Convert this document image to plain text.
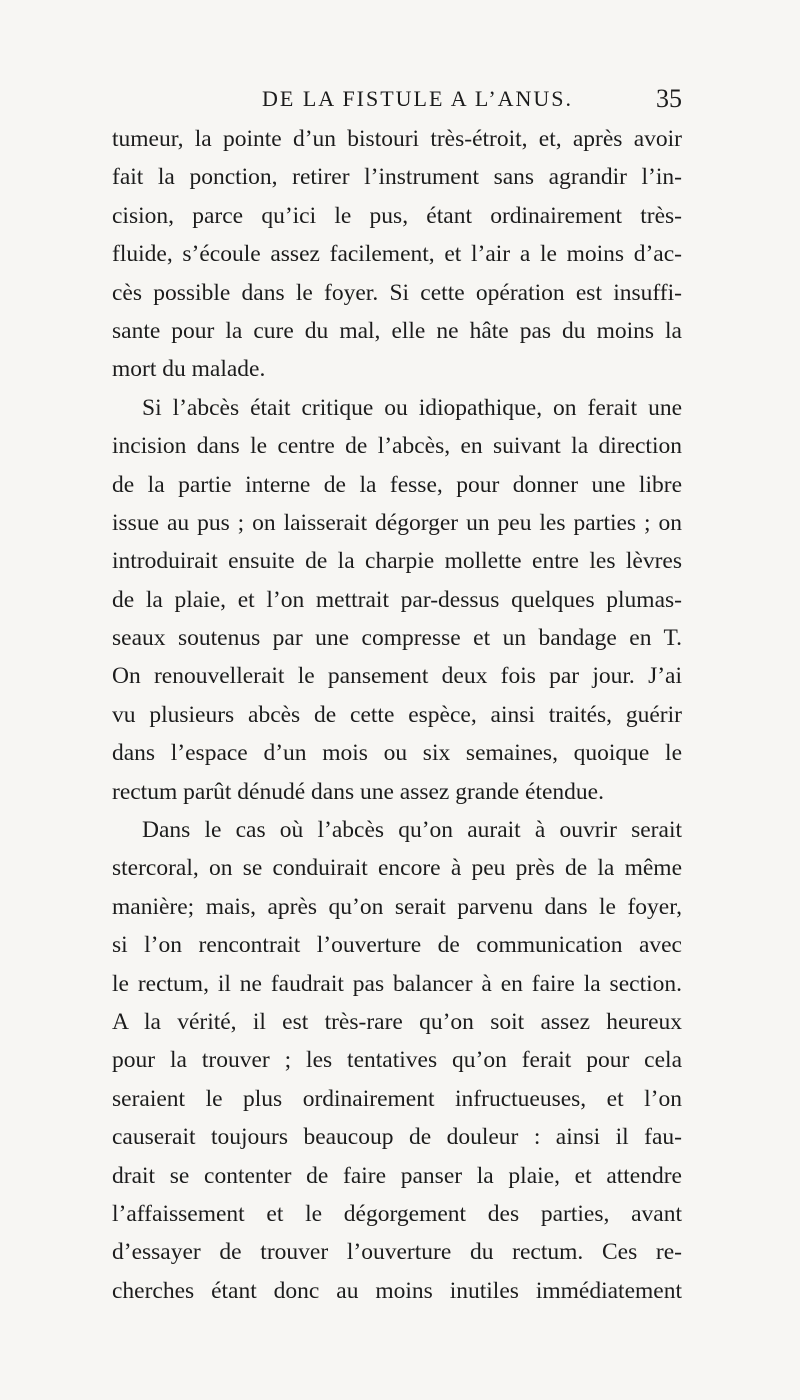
DE LA FISTULE A L’ANUS.	35
tumeur, la pointe d’un bistouri très-étroit, et, après avoir
fait la ponction, retirer l’instrument sans agrandir l’in-
cision, parce qu’ici le pus, étant ordinairement très-
fluide, s’écoule assez facilement, et l’air a le moins d’ac-
cès possible dans le foyer. Si cette opération est insuffi-
sante pour la cure du mal, elle ne hâte pas du moins la
mort du malade.
Si l’abcès était critique ou idiopathique, on ferait une
incision dans le centre de l’abcès, en suivant la direction
de la partie interne de la fesse, pour donner une libre
issue au pus ; on laisserait dégorger un peu les parties ; on
introduirait ensuite de la charpie mollette entre les lèvres
de la plaie, et l’on mettrait par-dessus quelques plumas-
seaux soutenus par une compresse et un bandage en T.
On renouvellerait le pansement deux fois par jour. J’ai
vu plusieurs abcès de cette espèce, ainsi traités, guérir
dans l’espace d’un mois ou six semaines, quoique le
rectum parût dénudé dans une assez grande étendue.
Dans le cas où l’abcès qu’on aurait à ouvrir serait
stercoral, on se conduirait encore à peu près de la même
manière; mais, après qu’on serait parvenu dans le foyer,
si l’on rencontrait l’ouverture de communication avec
le rectum, il ne faudrait pas balancer à en faire la section.
A la vérité, il est très-rare qu’on soit assez heureux
pour la trouver ; les tentatives qu’on ferait pour cela
seraient le plus ordinairement infructueuses, et l’on
causerait toujours beaucoup de douleur : ainsi il fau-
drait se contenter de faire panser la plaie, et attendre
l’affaissement et le dégorgement des parties, avant
d’essayer de trouver l’ouverture du rectum. Ces re-
cherches étant donc au moins inutiles immédiatement
